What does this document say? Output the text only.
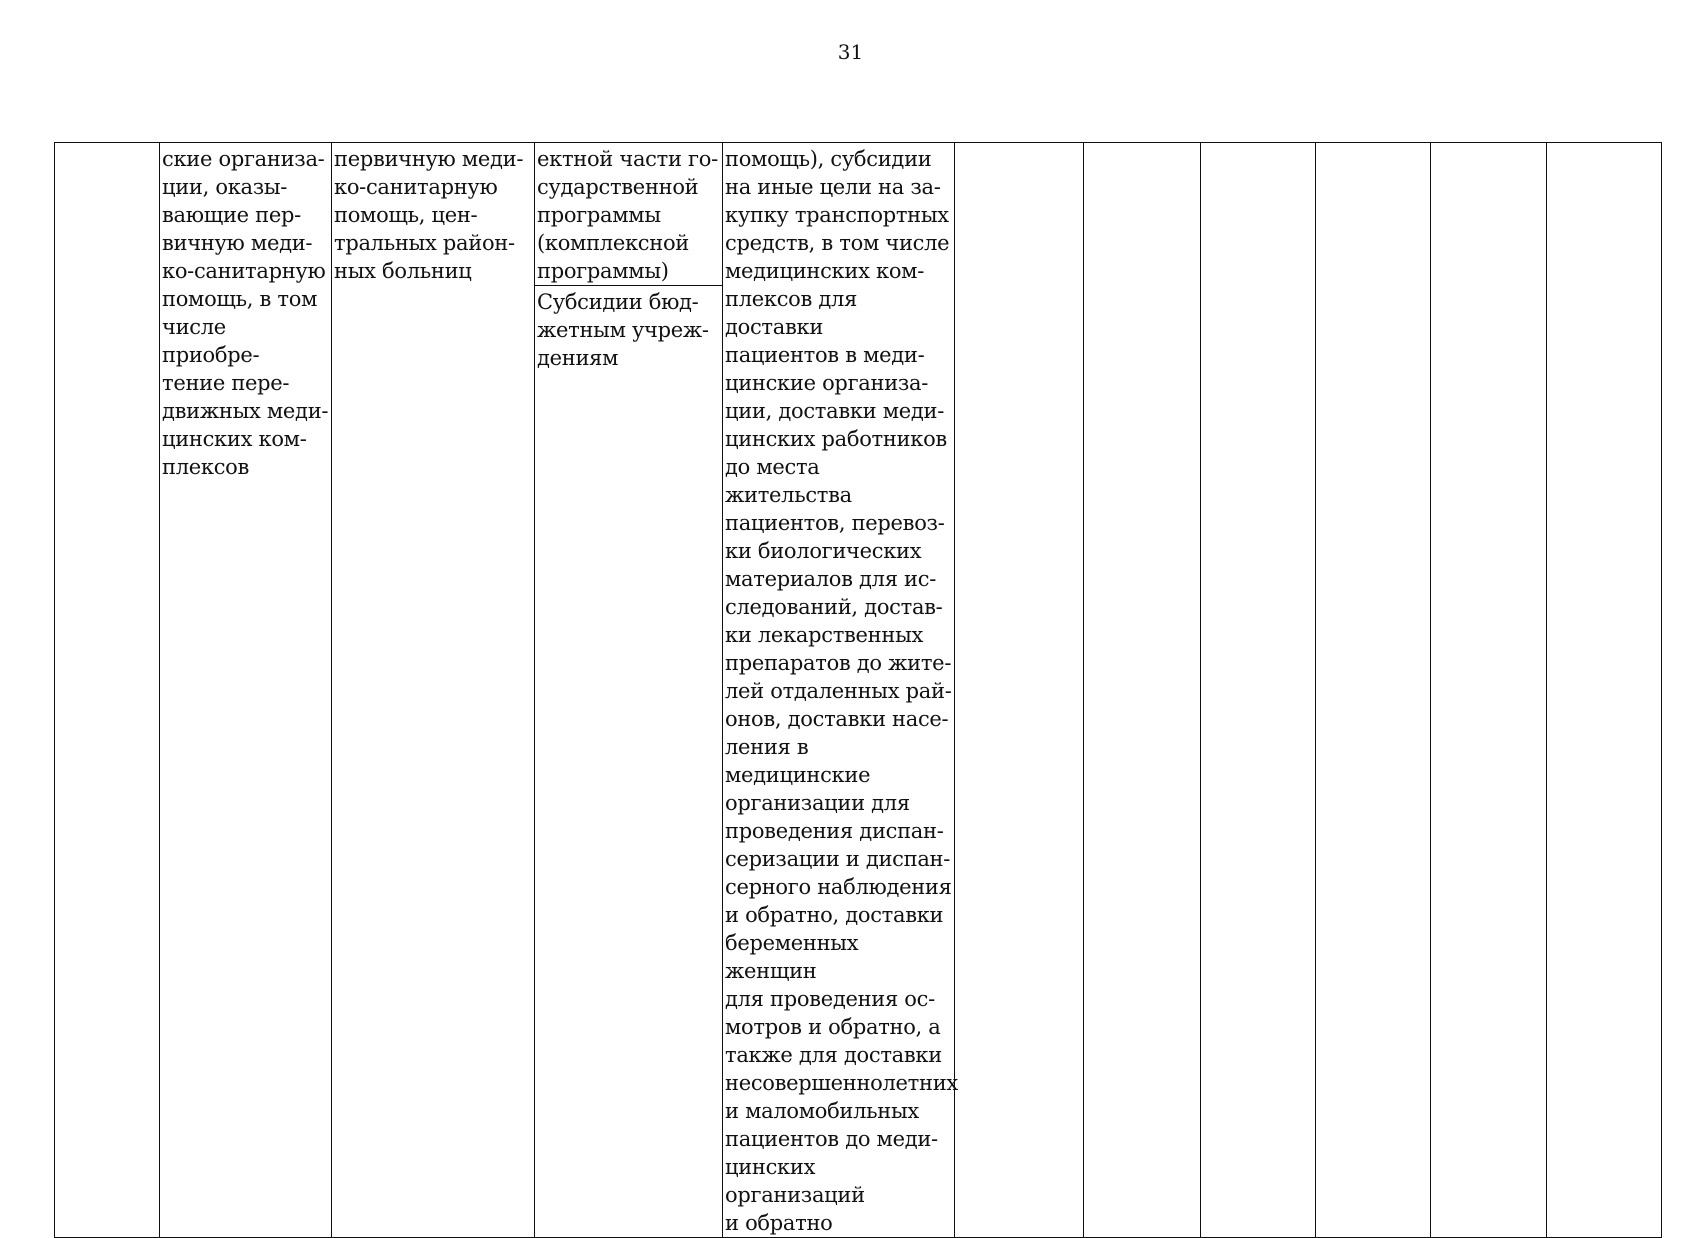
31

ские организа-
ции, оказы-
вающие пер-
вичную меди-
ко-санитарную
помощь, в том
числе приобре-
тение пере-
движных меди-
цинских ком-
плексов

первичную меди-
ко-санитарную
помощь, цен-
тральных район-
ных больниц

ектной части го-
сударственной
программы
(комплексной
программы)
Субсидии бюд-
жетным учреж-
дениям

помощь), субсидии
на иные цели на за-
купку транспортных
средств, в том числе
медицинских ком-
плексов для доставки
пациентов в меди-
цинские организа-
ции, доставки меди-
цинских работников
до места жительства
пациентов, перевоз-
ки биологических
материалов для ис-
следований, достав-
ки лекарственных
препаратов до жите-
лей отдаленных рай-
онов, доставки насе-
ления в медицинские
организации для
проведения диспан-
серизации и диспан-
серного наблюдения
и обратно, доставки
беременных женщин
для проведения ос-
мотров и обратно, а
также для доставки
несовершеннолетних
и маломобильных
пациентов до меди-
цинских организаций
и обратно
